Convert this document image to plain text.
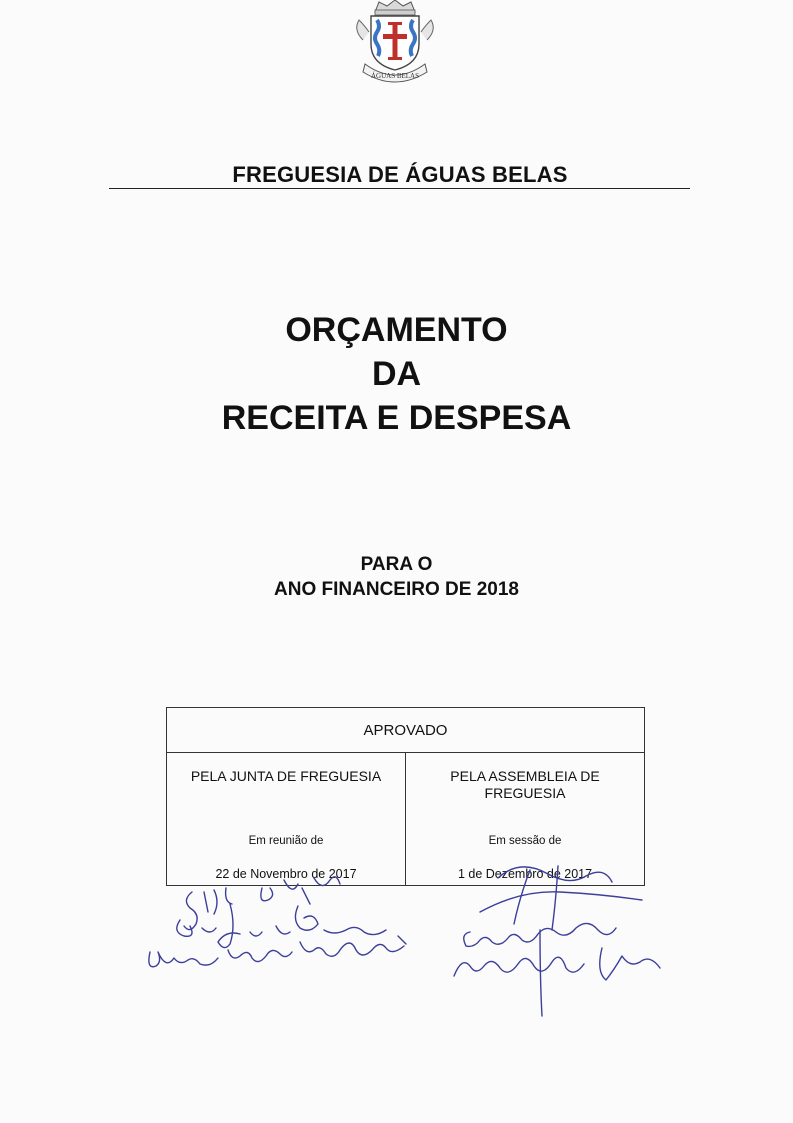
ÁGUAS BELAS
FREGUESIA DE ÁGUAS BELAS
ORÇAMENTO
DA
RECEITA E DESPESA
PARA O
ANO FINANCEIRO DE 2018
APROVADO
PELA JUNTA DE FREGUESIA
Em reunião de
22 de Novembro de 2017
PELA ASSEMBLEIA DE FREGUESIA
Em sessão de
1 de Dezembro de 2017
